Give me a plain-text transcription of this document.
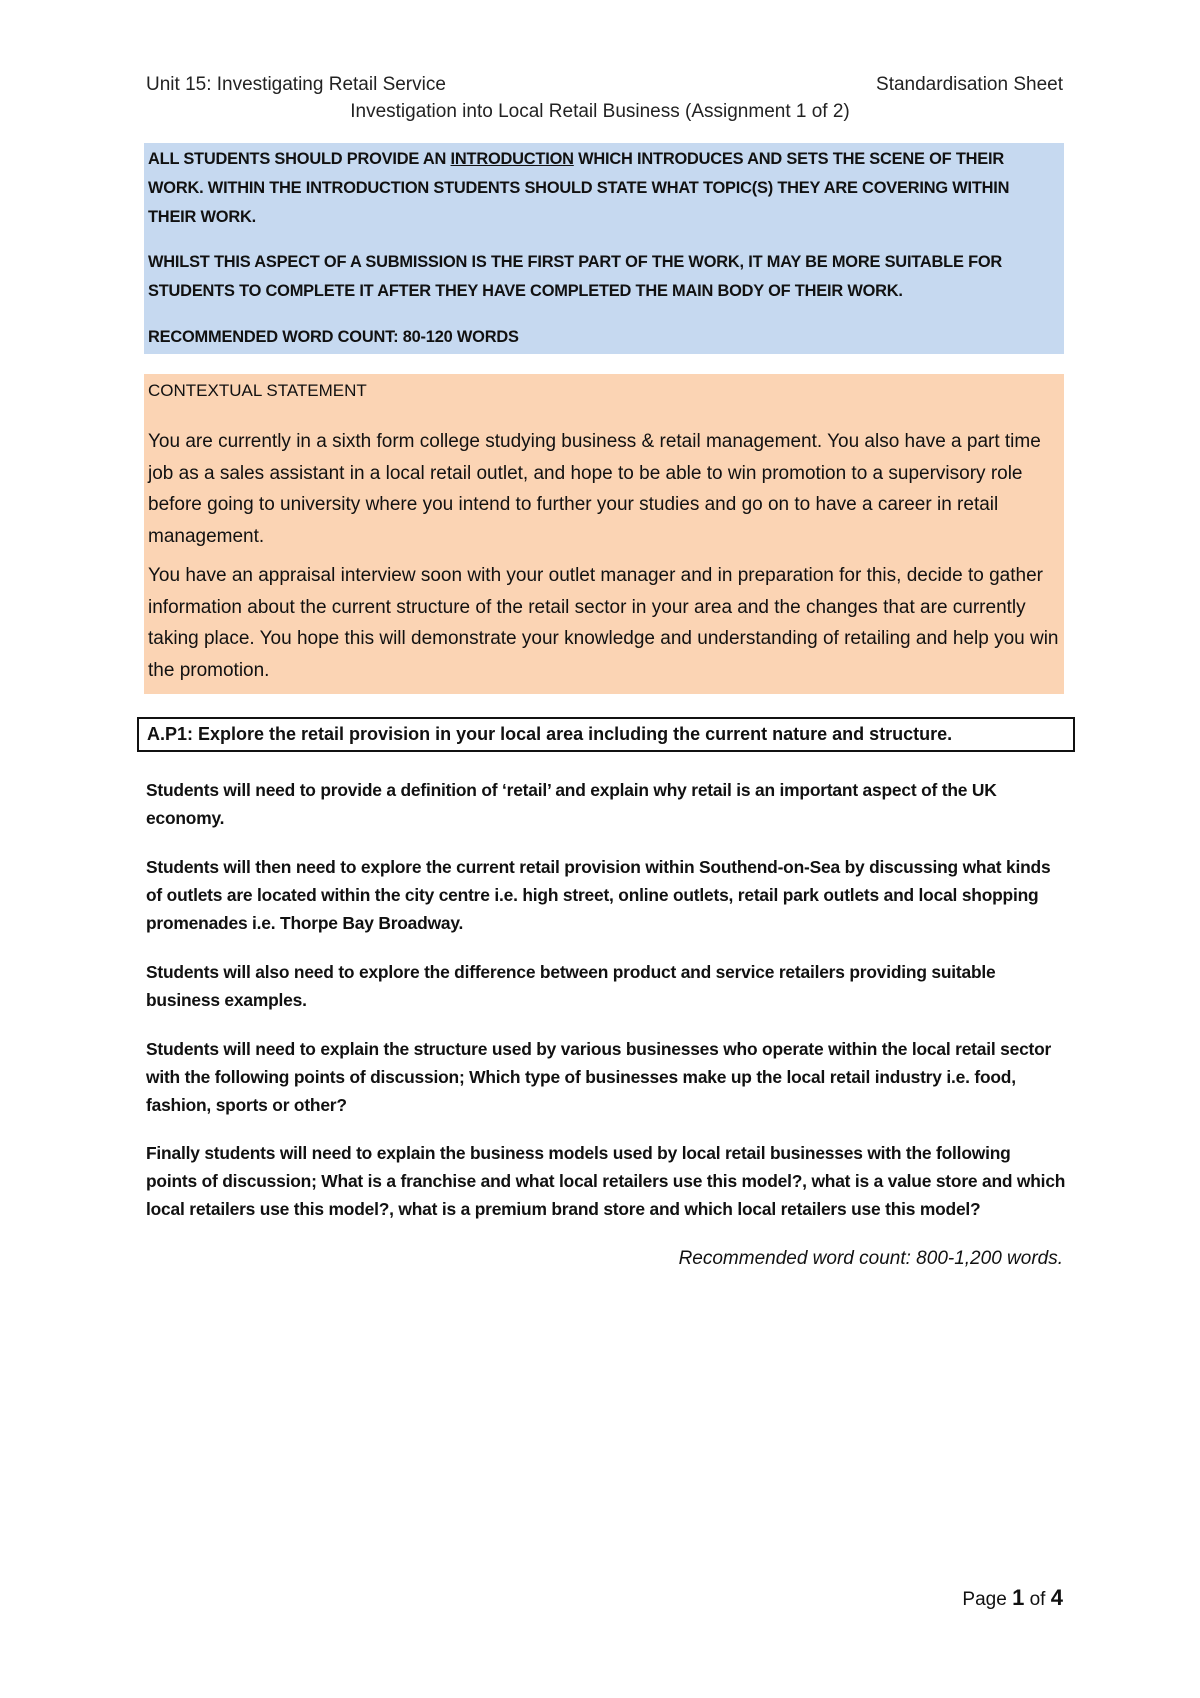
Unit 15: Investigating Retail Service	Standardisation Sheet
Investigation into Local Retail Business (Assignment 1 of 2)

ALL STUDENTS SHOULD PROVIDE AN INTRODUCTION WHICH INTRODUCES AND SETS THE SCENE OF THEIR WORK. WITHIN THE INTRODUCTION STUDENTS SHOULD STATE WHAT TOPIC(S) THEY ARE COVERING WITHIN THEIR WORK.

WHILST THIS ASPECT OF A SUBMISSION IS THE FIRST PART OF THE WORK, IT MAY BE MORE SUITABLE FOR STUDENTS TO COMPLETE IT AFTER THEY HAVE COMPLETED THE MAIN BODY OF THEIR WORK.

RECOMMENDED WORD COUNT: 80-120 WORDS

CONTEXTUAL STATEMENT

You are currently in a sixth form college studying business & retail management. You also have a part time job as a sales assistant in a local retail outlet, and hope to be able to win promotion to a supervisory role before going to university where you intend to further your studies and go on to have a career in retail management.

You have an appraisal interview soon with your outlet manager and in preparation for this, decide to gather information about the current structure of the retail sector in your area and the changes that are currently taking place. You hope this will demonstrate your knowledge and understanding of retailing and help you win the promotion.

A.P1: Explore the retail provision in your local area including the current nature and structure.

Students will need to provide a definition of ‘retail’ and explain why retail is an important aspect of the UK economy.

Students will then need to explore the current retail provision within Southend-on-Sea by discussing what kinds of outlets are located within the city centre i.e. high street, online outlets, retail park outlets and local shopping promenades i.e. Thorpe Bay Broadway.

Students will also need to explore the difference between product and service retailers providing suitable business examples.

Students will need to explain the structure used by various businesses who operate within the local retail sector with the following points of discussion; Which type of businesses make up the local retail industry i.e. food, fashion, sports or other?

Finally students will need to explain the business models used by local retail businesses with the following points of discussion; What is a franchise and what local retailers use this model?, what is a value store and which local retailers use this model?, what is a premium brand store and which local retailers use this model?

Recommended word count: 800-1,200 words.
Page 1 of 4
